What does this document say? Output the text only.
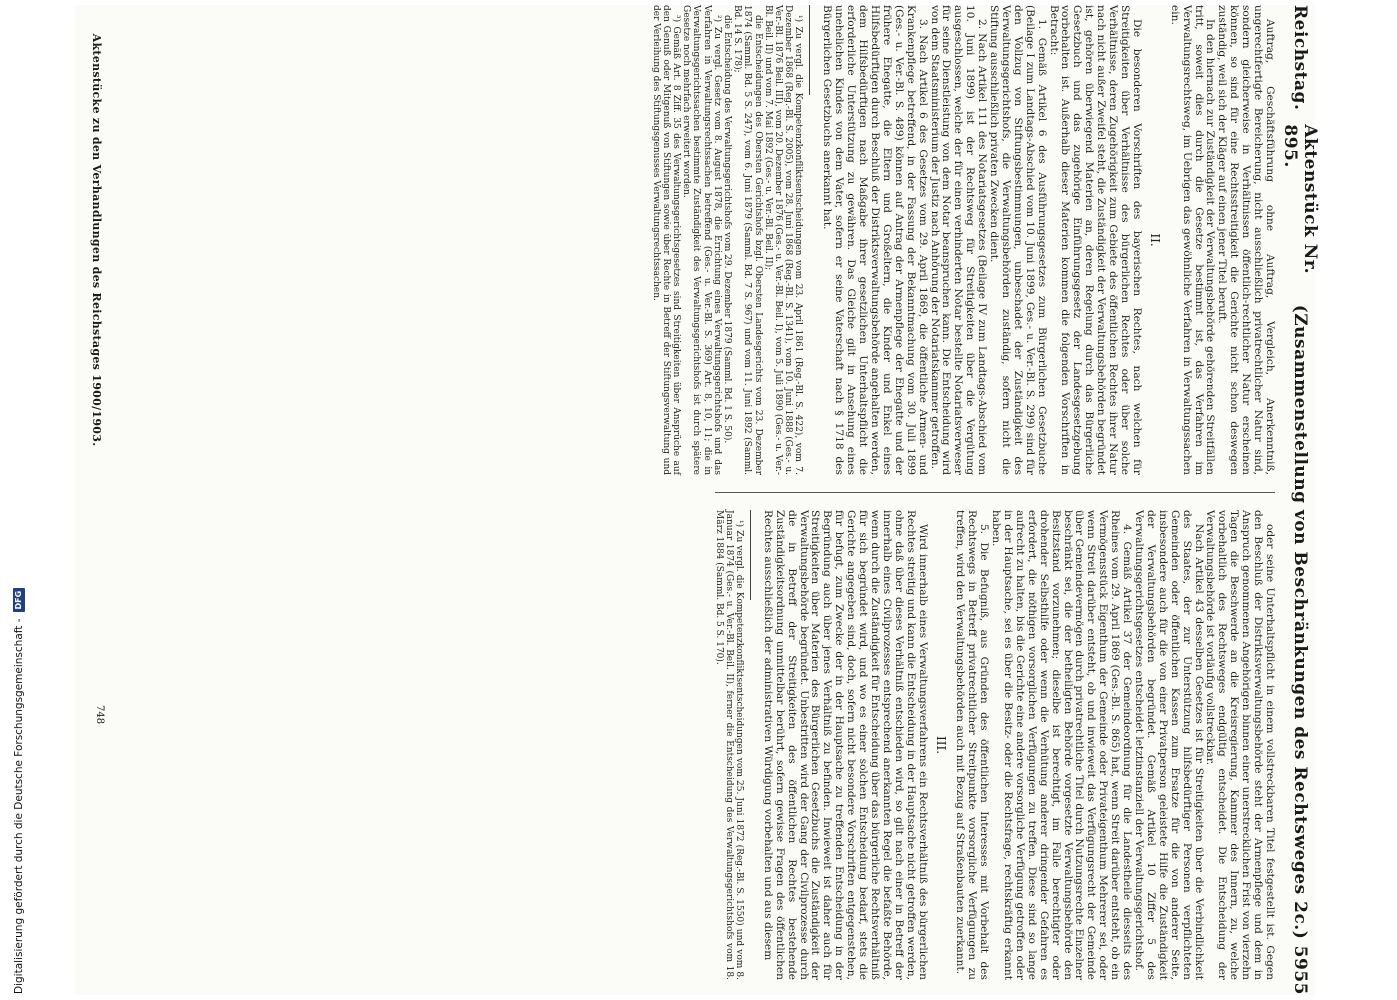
Digitalisierung gefördert durch die Deutsche Forschungsgemeinschaft -
DFG
Reichstag.
Aktenstück Nr. 895.
(Zusammenstellung von Beschränkungen des Rechtsweges 2c.) 5955

Auftrag, Geschäftsführung ohne Auftrag, Vergleich, Anerkenntniß, ungerechtfertigte Bereicherung, nicht ausschließlich privatrechtlicher Natur sind, sondern gleicherweise in Verhältnissen öffentlich-rechtlicher Natur erscheinen können, so sind für eine Rechtsstreitigkeit die Gerichte nicht schon deswegen zuständig, weil sich der Kläger auf einen jener Titel beruft.

In den hiernach zur Zuständigkeit der Verwaltungsbehörde gehörenden Streitfällen tritt, soweit dies durch die Gesetze bestimmt ist, das Verfahren im Verwaltungsrechtsweg, im Uebrigen das gewöhnliche Verfahren in Verwaltungssachen ein.

II.

Die besonderen Vorschriften des bayerischen Rechtes, nach welchen für Streitigkeiten über Verhältnisse des bürgerlichen Rechtes oder über solche Verhältnisse, deren Zugehörigkeit zum Gebiete des öffentlichen Rechtes ihrer Natur nach nicht außer Zweifel steht, die Zuständigkeit der Verwaltungsbehörden begründet ist, gehören überwiegend Materien an, deren Regelung durch das Bürgerliche Gesetzbuch und das zugehörige Einführungsgesetz der Landesgesetzgebung vorbehalten ist. Außerhalb dieser Materien kommen die folgenden Vorschriften in Betracht:

1. Gemäß Artikel 6 des Ausführungsgesetzes zum Bürgerlichen Gesetzbuche (Beilage I zum Landtags-Abschied vom 10. Juni 1899, Ges.- u. Ver.-Bl. S. 299) sind für den Vollzug von Stiftungsbestimmungen, unbeschadet der Zuständigkeit des Verwaltungsgerichtshofs, die Verwaltungsbehörden zuständig, sofern nicht die Stiftung ausschließlich privaten Zwecken dient.

2. Nach Artikel 111 des Notariatsgesetzes (Beilage IV zum Landtags-Abschied vom 10. Juni 1899) ist der Rechtsweg für Streitigkeiten über die Vergütung ausgeschlossen, welche der für einen verhinderten Notar bestellte Notariatsverweser für seine Dienstleistung von dem Notar beanspruchen kann. Die Entscheidung wird von dem Staatsministerium der Justiz nach Anhörung der Notariatskammer getroffen.

3. Nach Artikel 6 des Gesetzes vom 29. April 1869, die öffentliche Armen- und Krankenpflege betreffend, in der Fassung der Bekanntmachung vom 30. Juli 1899 (Ges.- u. Ver.-Bl. S. 489) können auf Antrag der Armenpflege der Ehegatte und der frühere Ehegatte, die Eltern und Großeltern, die Kinder und Enkel eines Hilfsbedürftigen durch Beschluß der Distriktsverwaltungsbehörde angehalten werden, dem Hilfsbedürftigen nach Maßgabe ihrer gesetzlichen Unterhaltspflicht die erforderliche Unterstützung zu gewähren. Das Gleiche gilt in Ansehung eines unehelichen Kindes von dem Vater, sofern er seine Vaterschaft nach § 1718 des Bürgerlichen Gesetzbuchs anerkannt hat.

¹) Zu vergl. die Kompetenzkonfliktsentscheidungen vom 23. April 1861 (Reg.-Bl. S. 422), vom 7. Dezember 1868 (Reg.-Bl. S. 2005), vom 28. Juni 1868 (Reg.-Bl. S. 1341), vom 10. Juni 1888 (Ges.- u. Ver.-Bl. 1876 Beil. III), vom 20. Dezember 1876 (Ges.- u. Ver.-Bl. Beil. I), vom 5. Juli 1890 (Ges.- u. Ver.-Bl. Beil. II) und vom 7. Mai 1892 (Ges.- u. Ver.-Bl. Beil. II);

die Entscheidungen des Obersten Gerichtshofs bzgl. Obersten Landesgerichts vom 23. Dezember 1874 (Samml. Bd. 5 S. 247), vom 6. Juni 1879 (Samml. Bd. 7 S. 967) und vom 11. Juni 1892 (Samml. Bd. 14 S. 178);

die Entscheidung des Verwaltungsgerichtshofs vom 29. Dezember 1879 (Samml. Bd. 1 S. 50).

²) Zu vergl. Gesetz vom 8. August 1878, die Errichtung eines Verwaltungsgerichtshofs und das Verfahren in Verwaltungsrechtssachen betreffend (Ges.- u. Ver.-Bl. S. 369) Art. 8, 10, 11; die in Verwaltungsgerichtssachen bestimmte Zuständigkeit des Verwaltungsgerichtshofs ist durch spätere Gesetze noch mehrfach erweitert worden.

³) Gemäß Art. 8 Ziff. 35 des Verwaltungsgerichtsgesetzes sind Streitigkeiten über Ansprüche auf den Genuß oder Mitgenuß von Stiftungen sowie über Rechte in Betreff der Stiftungsverwaltung und der Verleihung des Stiftungsgenusses Verwaltungsrechtssachen.

Aktenstücke zu den Verhandlungen des Reichstages 1900/1903.

oder seine Unterhaltspflicht in einem vollstreckbaren Titel festgestellt ist. Gegen den Beschluß der Distriktsverwaltungsbehörde steht der Armenpflege und dem in Anspruch genommenen Angehörigen binnen einer unerstrecklichen Frist von vierzehn Tagen die Beschwerde an die Kreisregierung, Kammer des Innern, zu, welche vorbehaltlich des Rechtsweges endgültig entscheidet. Die Entscheidung der Verwaltungsbehörde ist vorläufig vollstreckbar.

Nach Artikel 43 desselben Gesetzes ist für Streitigkeiten über die Verbindlichkeit des Staates, der zur Unterstützung hilfsbedürftiger Personen verpflichteten Gemeinden oder öffentlichen Kassen zum Ersatze für die von anderer Seite, insbesondere auch für die von einer Privatperson geleistete Hilfe die Zuständigkeit der Verwaltungsbehörden begründet. Gemäß Artikel 10 Ziffer 5 des Verwaltungsgerichtsgesetzes entscheidet letztinstanziell der Verwaltungsgerichtshof.

4. Gemäß Artikel 37 der Gemeindeordnung für die Landestheile diesseits des Rheines vom 29. April 1869 (Ges.-Bl. S. 865) hat, wenn Streit darüber entsteht, ob ein Vermögensstück Eigenthum der Gemeinde oder Privateigenthum Mehrerer sei, oder wenn Streit darüber entsteht, ob und inwieweit das Verfügungsrecht der Gemeinde über Gemeindevermögen durch privatrechtliche Titel durch Nutzungsrechte Einzelner beschränkt sei, die der betheiligten Behörde vorgesetzte Verwaltungsbehörde den Besitzstand vorzunehmen; dieselbe ist berechtigt, im Falle berechtigter oder drohender Selbsthilfe oder wenn die Verhütung anderer dringender Gefahren es erfordert, die nöthigen vorsorglichen Verfügungen zu treffen. Diese sind so lange aufrecht zu halten, bis die Gerichte eine andere vorsorgliche Verfügung getroffen oder in der Hauptsache, sei es über die Besitz- oder die Rechtsfrage, rechtskräftig erkannt haben.

5. Die Befugniß, aus Gründen des öffentlichen Interesses mit Vorbehalt des Rechtswegs in Betreff privatrechtlicher Streitpunkte vorsorgliche Verfügungen zu treffen, wird den Verwaltungsbehörden auch mit Bezug auf Straßenbauten zuerkannt.

III.

Wird innerhalb eines Verwaltungsverfahrens ein Rechtsverhältniß des bürgerlichen Rechtes streitig und kann die Entscheidung in der Hauptsache nicht getroffen werden, ohne daß über dieses Verhältniß entschieden wird, so gilt nach einer in Betreff der innerhalb eines Civilprozesses entsprechend anerkannten Regel die befaßte Behörde, wenn durch die Zuständigkeit für Entscheidung über das bürgerliche Rechtsverhältniß für sich begründet wird, und wo es einer solchen Entscheidung bedarf, stets die Gerichte angegeben sind, doch, sofern nicht besondere Vorschriften entgegenstehen, für befugt, zum Zwecke der in der Hauptsache zu treffenden Entscheidung in der Begründung auch über jenes Verhältniß zu befinden. Inwieweit ist daher auch für Streitigkeiten über Materien des Bürgerlichen Gesetzbuchs die Zuständigkeit der Verwaltungsbehörde begründet. Unbestritten wird der Gang der Civilprozesse durch die in Betreff der Streitigkeiten des öffentlichen Rechtes bestehende Zuständigkeitsordnung unmittelbar berührt, sofern gewisse Fragen des öffentlichen Rechtes ausschließlich der administrativen Würdigung vorbehalten und aus diesem

¹) Zu vergl. die Kompetenzkonfliktsentscheidungen vom 25. Juni 1872 (Reg.-Bl. S. 1550) und vom 8. Januar 1874 (Ges.- u. Ver.-Bl. Beil. II), ferner die Entscheidung des Verwaltungsgerichtshofs vom 18. März 1884 (Samml. Bd. 5 S. 170).

748
